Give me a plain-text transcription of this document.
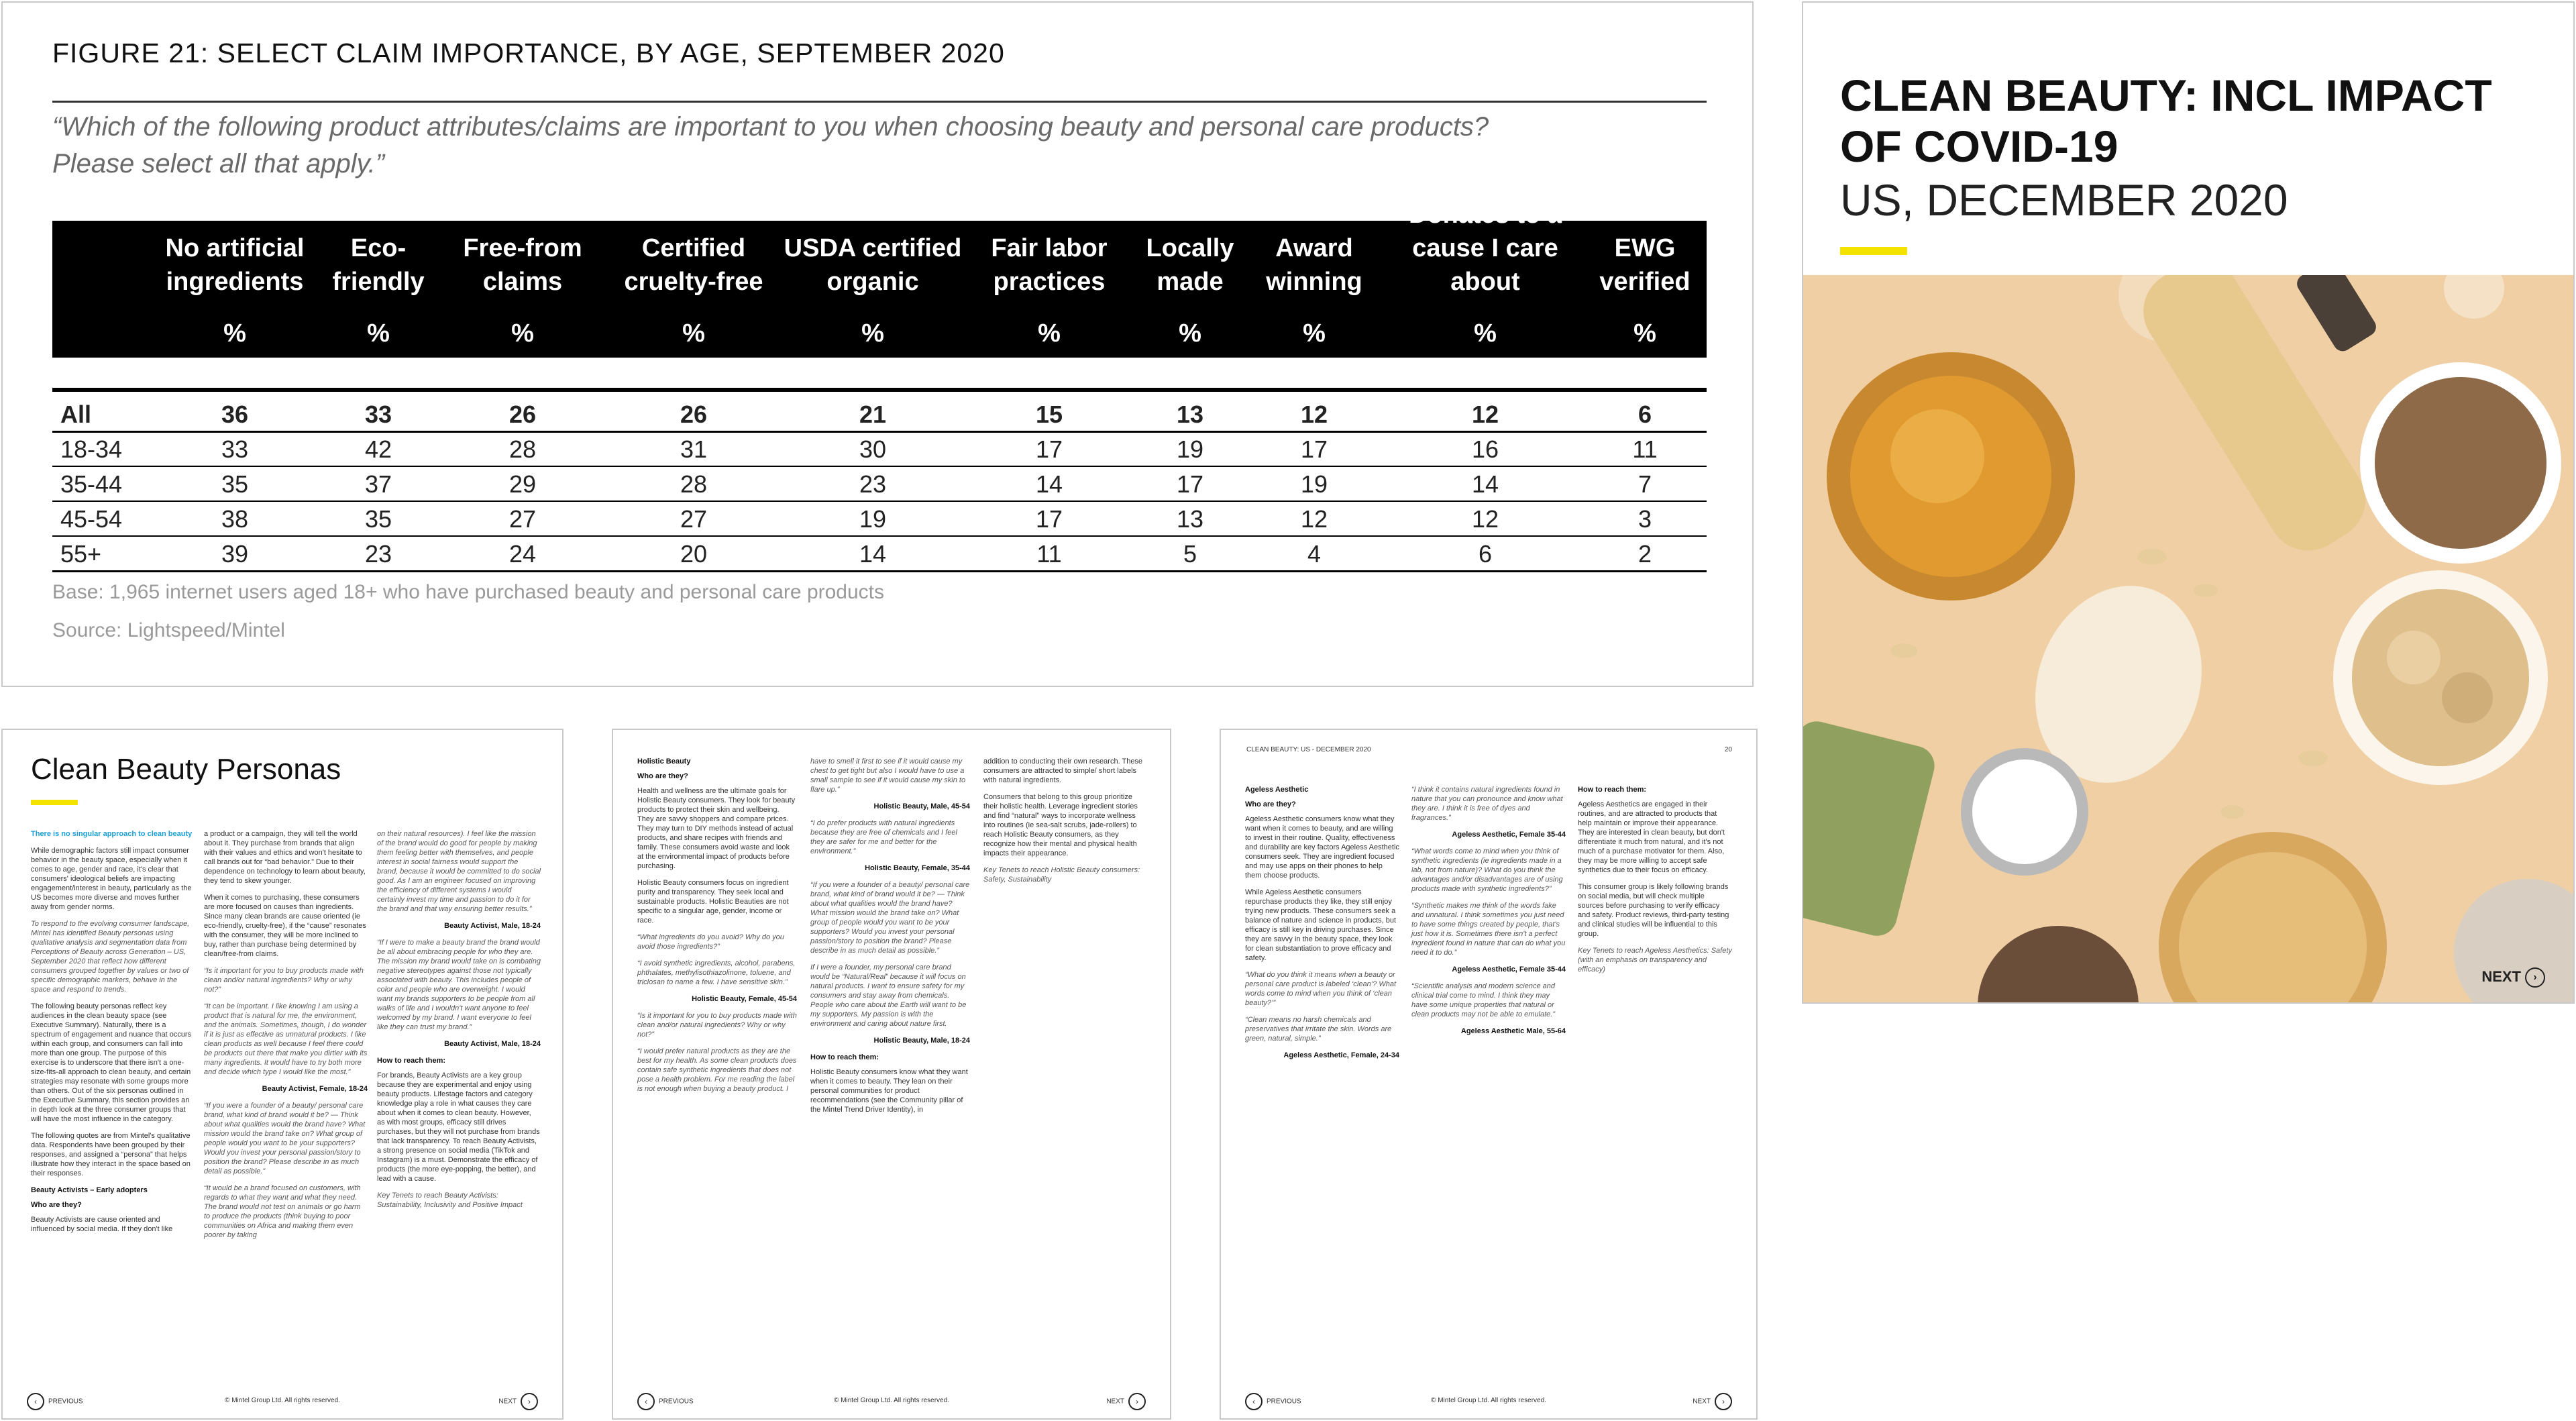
FIGURE 21: SELECT CLAIM IMPORTANCE, BY AGE, SEPTEMBER 2020
“Which of the following product attributes/claims are important to you when choosing beauty and personal care products?
Please select all that apply.”
No artificial
ingredients
%
Eco-
friendly
%
Free-from
claims
%
Certified
cruelty-free
%
USDA certified
organic
%
Fair labor
practices
%
Locally
made
%
Award
winning
%
Donates to a
cause I care
about
%
EWG
verified
%
All	36	33	26	26	21	15	13	12	12	6
18-34	33	42	28	31	30	17	19	17	16	11
35-44	35	37	29	28	23	14	17	19	14	7
45-54	38	35	27	27	19	17	13	12	12	3
55+	39	23	24	20	14	11	5	4	6	2
Base: 1,965 internet users aged 18+ who have purchased beauty and personal care products
Source: Lightspeed/Mintel
CLEAN BEAUTY: INCL IMPACT OF COVID-19
US, DECEMBER 2020
NEXT ›
Clean Beauty Personas

There is no singular approach to clean beauty

While demographic factors still impact consumer behavior in the beauty space, especially when it comes to age, gender and race, it's clear that consumers' ideological beliefs are impacting engagement/interest in beauty, particularly as the US becomes more diverse and moves further away from gender norms.

To respond to the evolving consumer landscape, Mintel has identified Beauty personas using qualitative analysis and segmentation data from Perceptions of Beauty across Generation – US, September 2020 that reflect how different consumers grouped together by values or two of specific demographic markers, behave in the space and respond to trends.

The following beauty personas reflect key audiences in the clean beauty space (see Executive Summary). Naturally, there is a spectrum of engagement and nuance that occurs within each group, and consumers can fall into more than one group. The purpose of this exercise is to underscore that there isn't a one-size-fits-all approach to clean beauty, and certain strategies may resonate with some groups more than others. Out of the six personas outlined in the Executive Summary, this section provides an in depth look at the three consumer groups that will have the most influence in the category.

The following quotes are from Mintel's qualitative data. Respondents have been grouped by their responses, and assigned a “persona” that helps illustrate how they interact in the space based on their responses.

Beauty Activists – Early adopters

Who are they?

Beauty Activists are cause oriented and influenced by social media. If they don't like

a product or a campaign, they will tell the world about it. They purchase from brands that align with their values and ethics and won't hesitate to call brands out for “bad behavior.” Due to their dependence on technology to learn about beauty, they tend to skew younger.

When it comes to purchasing, these consumers are more focused on causes than ingredients. Since many clean brands are cause oriented (ie eco-friendly, cruelty-free), if the “cause” resonates with the consumer, they will be more inclined to buy, rather than purchase being determined by clean/free-from claims.

“Is it important for you to buy products made with clean and/or natural ingredients? Why or why not?”

“It can be important. I like knowing I am using a product that is natural for me, the environment, and the animals. Sometimes, though, I do wonder if it is just as effective as unnatural products. I like clean products as well because I feel there could be products out there that make you dirtier with its many ingredients. It would have to try both more and decide which type I would like the most.”

Beauty Activist, Female, 18-24

“If you were a founder of a beauty/ personal care brand, what kind of brand would it be? — Think about what qualities would the brand have? What mission would the brand take on? What group of people would you want to be your supporters? Would you invest your personal passion/story to position the brand? Please describe in as much detail as possible.”

“It would be a brand focused on customers, with regards to what they want and what they need. The brand would not test on animals or go harm to produce the products (think buying to poor communities on Africa and making them even poorer by taking

on their natural resources). I feel like the mission of the brand would do good for people by making them feeling better with themselves, and people interest in social fairness would support the brand, because it would be committed to do social good. As I am an engineer focused on improving the efficiency of different systems I would certainly invest my time and passion to do it for the brand and that way ensuring better results.”

Beauty Activist, Male, 18-24

“If I were to make a beauty brand the brand would be all about embracing people for who they are. The mission my brand would take on is combating negative stereotypes against those not typically associated with beauty. This includes people of color and people who are overweight. I would want my brands supporters to be people from all walks of life and I wouldn't want anyone to feel welcomed by my brand. I want everyone to feel like they can trust my brand.”

Beauty Activist, Male, 18-24

How to reach them:

For brands, Beauty Activists are a key group because they are experimental and enjoy using beauty products. Lifestage factors and category knowledge play a role in what causes they care about when it comes to clean beauty. However, as with most groups, efficacy still drives purchases, but they will not purchase from brands that lack transparency. To reach Beauty Activists, a strong presence on social media (TikTok and Instagram) is a must. Demonstrate the efficacy of products (the more eye-popping, the better), and lead with a cause.

Key Tenets to reach Beauty Activists: Sustainability, Inclusivity and Positive Impact

‹ PREVIOUS	© Mintel Group Ltd. All rights reserved.	NEXT ›

Holistic Beauty

Who are they?

Health and wellness are the ultimate goals for Holistic Beauty consumers. They look for beauty products to protect their skin and wellbeing. They are savvy shoppers and compare prices. They may turn to DIY methods instead of actual products, and share recipes with friends and family. These consumers avoid waste and look at the environmental impact of products before purchasing.

Holistic Beauty consumers focus on ingredient purity and transparency. They seek local and sustainable products. Holistic Beauties are not specific to a singular age, gender, income or race.

“What ingredients do you avoid? Why do you avoid those ingredients?”

“I avoid synthetic ingredients, alcohol, parabens, phthalates, methylisothiazolinone, toluene, and triclosan to name a few. I have sensitive skin.”

Holistic Beauty, Female, 45-54

“Is it important for you to buy products made with clean and/or natural ingredients? Why or why not?”

“I would prefer natural products as they are the best for my health. As some clean products does contain safe synthetic ingredients that does not pose a health problem. For me reading the label is not enough when buying a beauty product. I

have to smell it first to see if it would cause my chest to get tight but also I would have to use a small sample to see if it would cause my skin to flare up.”

Holistic Beauty, Male, 45-54

“I do prefer products with natural ingredients because they are free of chemicals and I feel they are safer for me and better for the environment.”

Holistic Beauty, Female, 35-44

“If you were a founder of a beauty/ personal care brand, what kind of brand would it be? — Think about what qualities would the brand have? What mission would the brand take on? What group of people would you want to be your supporters? Would you invest your personal passion/story to position the brand? Please describe in as much detail as possible.”

If I were a founder, my personal care brand would be “Natural/Real” because it will focus on natural products. I want to ensure safety for my consumers and stay away from chemicals. People who care about the Earth will want to be my supporters. My passion is with the environment and caring about nature first.

Holistic Beauty, Male, 18-24

How to reach them:

Holistic Beauty consumers know what they want when it comes to beauty. They lean on their personal communities for product recommendations (see the Community pillar of the Mintel Trend Driver Identity), in

addition to conducting their own research. These consumers are attracted to simple/ short labels with natural ingredients.

Consumers that belong to this group prioritize their holistic health. Leverage ingredient stories and find “natural” ways to incorporate wellness into routines (ie sea-salt scrubs, jade-rollers) to reach Holistic Beauty consumers, as they recognize how their mental and physical health impacts their appearance.

Key Tenets to reach Holistic Beauty consumers: Safety, Sustainability

‹ PREVIOUS	© Mintel Group Ltd. All rights reserved.	NEXT ›
CLEAN BEAUTY: US - DECEMBER 2020	20

Ageless Aesthetic

Who are they?

Ageless Aesthetic consumers know what they want when it comes to beauty, and are willing to invest in their routine. Quality, effectiveness and durability are key factors Ageless Aesthetic consumers seek. They are ingredient focused and may use apps on their phones to help them choose products.

While Ageless Aesthetic consumers repurchase products they like, they still enjoy trying new products. These consumers seek a balance of nature and science in products, but efficacy is still key in driving purchases. Since they are savvy in the beauty space, they look for clean substantiation to prove efficacy and safety.

“What do you think it means when a beauty or personal care product is labeled ‘clean’? What words come to mind when you think of ‘clean beauty?’”

“Clean means no harsh chemicals and preservatives that irritate the skin. Words are green, natural, simple.”

Ageless Aesthetic, Female, 24-34

“I think it contains natural ingredients found in nature that you can pronounce and know what they are. I think it is free of dyes and fragrances.”

Ageless Aesthetic, Female 35-44

“What words come to mind when you think of synthetic ingredients (ie ingredients made in a lab, not from nature)? What do you think the advantages and/or disadvantages are of using products made with synthetic ingredients?”

“Synthetic makes me think of the words fake and unnatural. I think sometimes you just need to have some things created by people, that's just how it is. Sometimes there isn't a perfect ingredient found in nature that can do what you need it to do.”

Ageless Aesthetic, Female 35-44

“Scientific analysis and modern science and clinical trial come to mind. I think they may have some unique properties that natural or clean products may not be able to emulate.”

Ageless Aesthetic Male, 55-64

How to reach them:

Ageless Aesthetics are engaged in their routines, and are attracted to products that help maintain or improve their appearance. They are interested in clean beauty, but don't differentiate it much from natural, and it's not much of a purchase motivator for them. Also, they may be more willing to accept safe synthetics due to their focus on efficacy.

This consumer group is likely following brands on social media, but will check multiple sources before purchasing to verify efficacy and safety. Product reviews, third-party testing and clinical studies will be influential to this group.

Key Tenets to reach Ageless Aesthetics: Safety (with an emphasis on transparency and efficacy)

‹ PREVIOUS	© Mintel Group Ltd. All rights reserved.	NEXT ›
